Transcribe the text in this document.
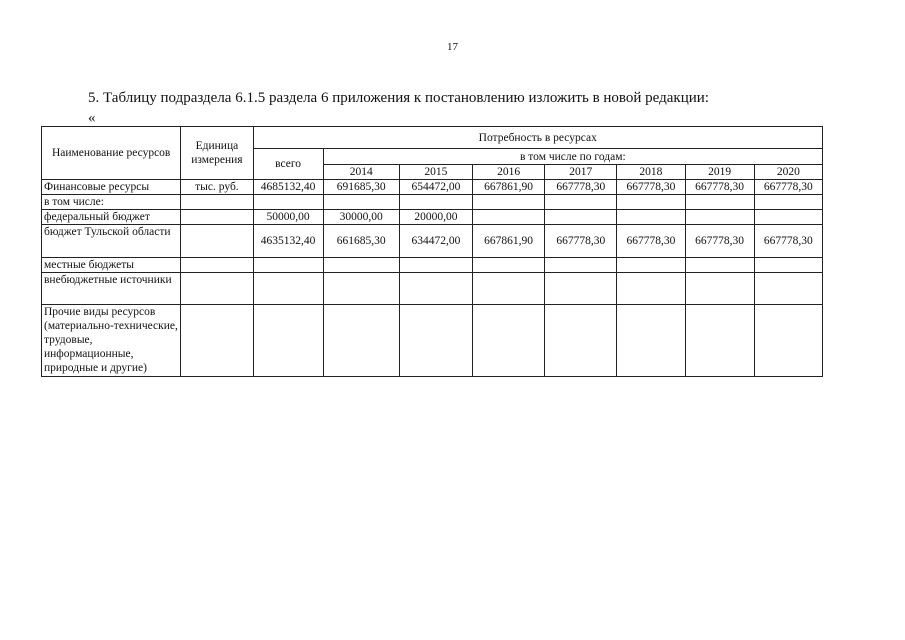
17
5. Таблицу подраздела 6.1.5 раздела 6 приложения к постановлению изложить в новой редакции:
«
Наименование ресурсов	Единица измерения	Потребность в ресурсах							
		всего	в том числе по годам:						
			2014	2015	2016	2017	2018	2019	2020
Финансовые ресурсы	тыс. руб.	4685132,40	691685,30	654472,00	667861,90	667778,30	667778,30	667778,30	667778,30
в том числе:									
федеральный бюджет		50000,00	30000,00	20000,00					
бюджет Тульской области		4635132,40	661685,30	634472,00	667861,90	667778,30	667778,30	667778,30	667778,30
местные бюджеты									
внебюджетные источники									
Прочие виды ресурсов (материально-технические, трудовые, информационные, природные и другие)									
